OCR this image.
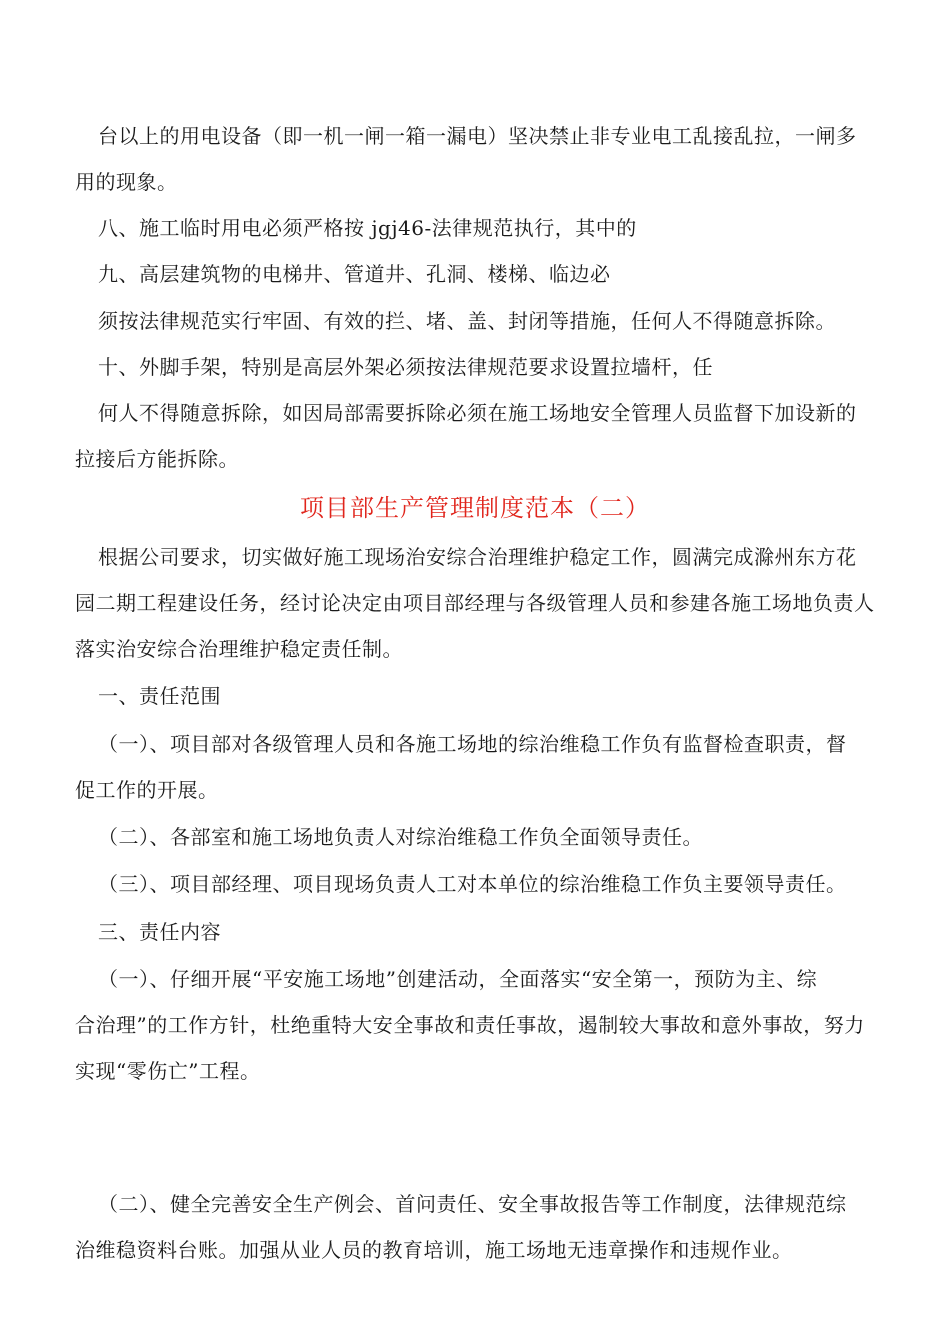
台以上的用电设备（即一机一闸一箱一漏电）坚决禁止非专业电工乱接乱拉，一闸多
用的现象。
八、施工临时用电必须严格按 jgj46-法律规范执行，其中的
九、高层建筑物的电梯井、管道井、孔洞、楼梯、临边必
须按法律规范实行牢固、有效的拦、堵、盖、封闭等措施，任何人不得随意拆除。
十、外脚手架，特别是高层外架必须按法律规范要求设置拉墙杆，任
何人不得随意拆除，如因局部需要拆除必须在施工场地安全管理人员监督下加设新的
拉接后方能拆除。
项目部生产管理制度范本（二）
根据公司要求，切实做好施工现场治安综合治理维护稳定工作，圆满完成滁州东方花
园二期工程建设任务，经讨论决定由项目部经理与各级管理人员和参建各施工场地负责人
落实治安综合治理维护稳定责任制。
一、责任范围
（一）、项目部对各级管理人员和各施工场地的综治维稳工作负有监督检查职责，督
促工作的开展。
（二）、各部室和施工场地负责人对综治维稳工作负全面领导责任。
（三）、项目部经理、项目现场负责人工对本单位的综治维稳工作负主要领导责任。
三、责任内容
（一）、仔细开展“平安施工场地”创建活动，全面落实“安全第一，预防为主、综
合治理”的工作方针，杜绝重特大安全事故和责任事故，遏制较大事故和意外事故，努力
实现“零伤亡”工程。
（二）、健全完善安全生产例会、首问责任、安全事故报告等工作制度，法律规范综
治维稳资料台账。加强从业人员的教育培训，施工场地无违章操作和违规作业。
